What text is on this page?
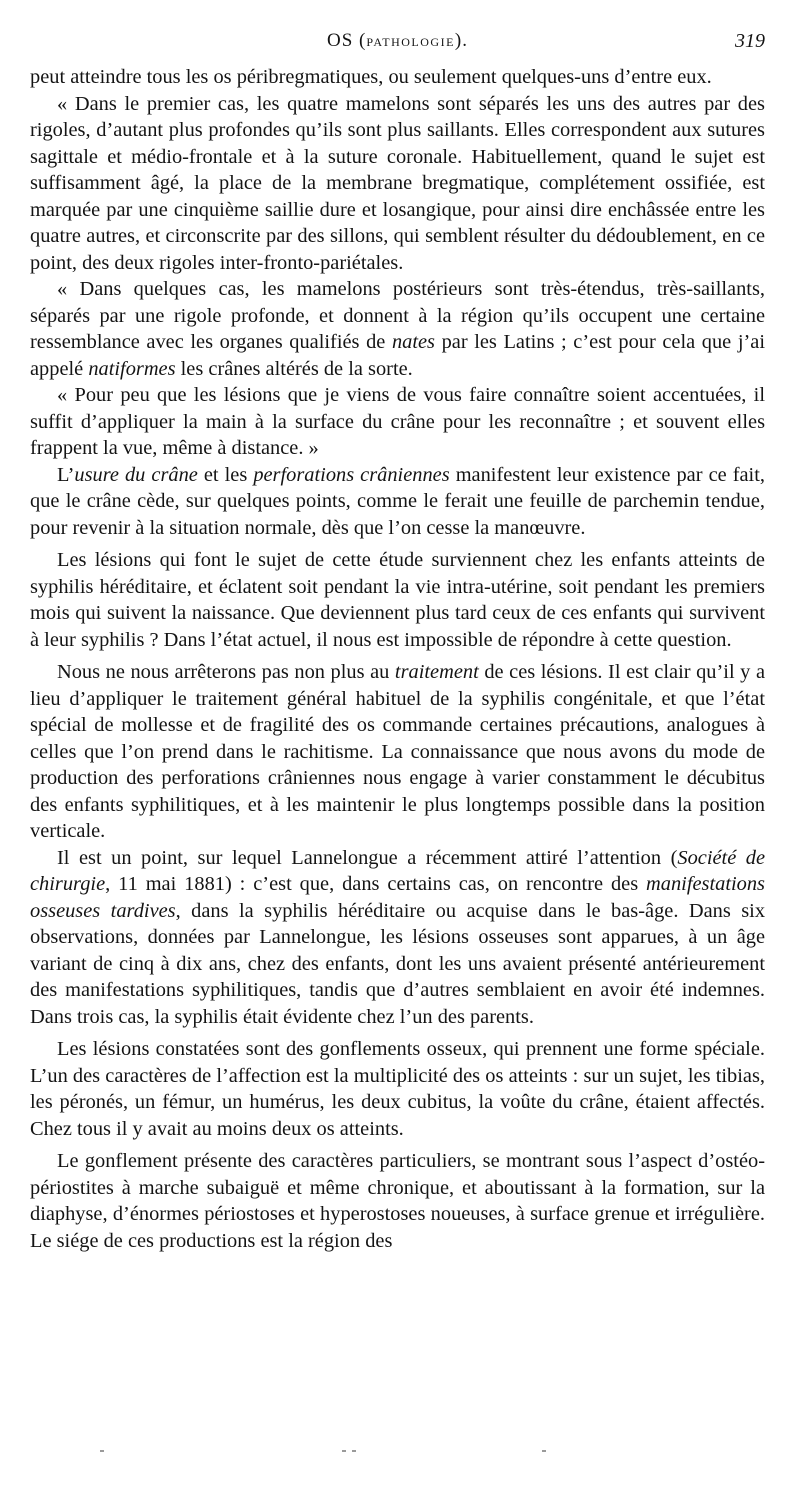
OS (PATHOLOGIE).	319

peut atteindre tous les os péribregmatiques, ou seulement quelques-uns d’entre eux.

« Dans le premier cas, les quatre mamelons sont séparés les uns des autres par des rigoles, d’autant plus profondes qu’ils sont plus saillants. Elles correspondent aux sutures sagittale et médio-frontale et à la suture coronale. Habituellement, quand le sujet est suffisamment âgé, la place de la membrane bregmatique, complétement ossifiée, est marquée par une cinquième saillie dure et losangique, pour ainsi dire enchâssée entre les quatre autres, et circonscrite par des sillons, qui semblent résulter du dédoublement, en ce point, des deux rigoles inter-fronto-pariétales.

« Dans quelques cas, les mamelons postérieurs sont très-étendus, très-saillants, séparés par une rigole profonde, et donnent à la région qu’ils occupent une certaine ressemblance avec les organes qualifiés de nates par les Latins ; c’est pour cela que j’ai appelé natiformes les crânes altérés de la sorte.

« Pour peu que les lésions que je viens de vous faire connaître soient accentuées, il suffit d’appliquer la main à la surface du crâne pour les reconnaître ; et souvent elles frappent la vue, même à distance. »

L’usure du crâne et les perforations crâniennes manifestent leur existence par ce fait, que le crâne cède, sur quelques points, comme le ferait une feuille de parchemin tendue, pour revenir à la situation normale, dès que l’on cesse la manœuvre.

Les lésions qui font le sujet de cette étude surviennent chez les enfants atteints de syphilis héréditaire, et éclatent soit pendant la vie intra-utérine, soit pendant les premiers mois qui suivent la naissance. Que deviennent plus tard ceux de ces enfants qui survivent à leur syphilis ? Dans l’état actuel, il nous est impossible de répondre à cette question.

Nous ne nous arrêterons pas non plus au traitement de ces lésions. Il est clair qu’il y a lieu d’appliquer le traitement général habituel de la syphilis congénitale, et que l’état spécial de mollesse et de fragilité des os commande certaines précautions, analogues à celles que l’on prend dans le rachitisme. La connaissance que nous avons du mode de production des perforations crâniennes nous engage à varier constamment le décubitus des enfants syphilitiques, et à les maintenir le plus longtemps possible dans la position verticale.

Il est un point, sur lequel Lannelongue a récemment attiré l’attention (Société de chirurgie, 11 mai 1881) : c’est que, dans certains cas, on rencontre des manifestations osseuses tardives, dans la syphilis héréditaire ou acquise dans le bas-âge. Dans six observations, données par Lannelongue, les lésions osseuses sont apparues, à un âge variant de cinq à dix ans, chez des enfants, dont les uns avaient présenté antérieurement des manifestations syphilitiques, tandis que d’autres semblaient en avoir été indemnes. Dans trois cas, la syphilis était évidente chez l’un des parents.

Les lésions constatées sont des gonflements osseux, qui prennent une forme spéciale. L’un des caractères de l’affection est la multiplicité des os atteints : sur un sujet, les tibias, les péronés, un fémur, un humérus, les deux cubitus, la voûte du crâne, étaient affectés. Chez tous il y avait au moins deux os atteints.

Le gonflement présente des caractères particuliers, se montrant sous l’aspect d’ostéo-périostites à marche subaiguë et même chronique, et aboutissant à la formation, sur la diaphyse, d’énormes périostoses et hyperostoses noueuses, à surface grenue et irrégulière. Le siége de ces productions est la région des
